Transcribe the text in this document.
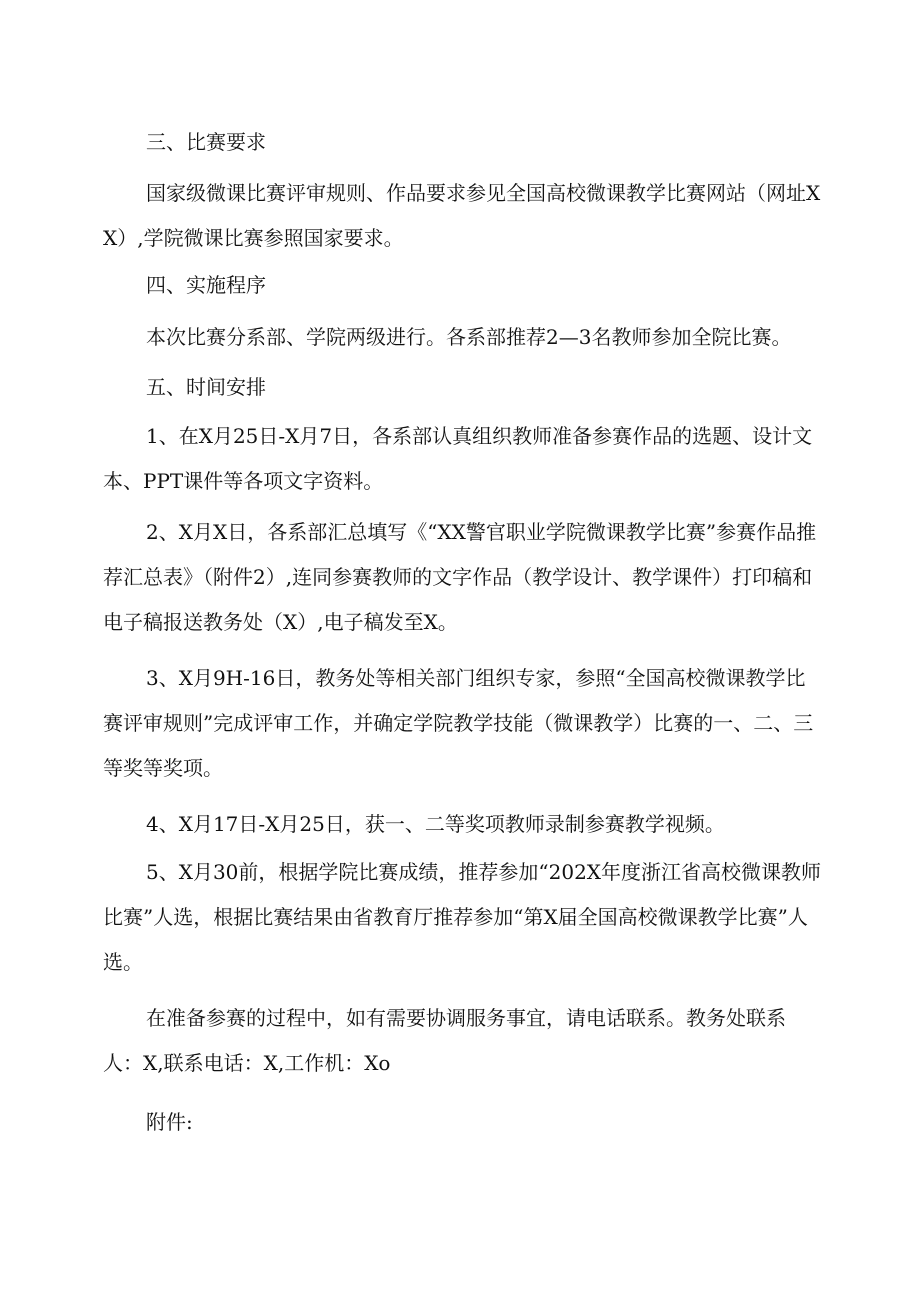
三、比赛要求
国家级微课比赛评审规则、作品要求参见全国高校微课教学比赛网站（网址XX）,学院微课比赛参照国家要求。
四、实施程序
本次比赛分系部、学院两级进行。各系部推荐2—3名教师参加全院比赛。
五、时间安排
1、在X月25日-X月7日，各系部认真组织教师准备参赛作品的选题、设计文本、PPT课件等各项文字资料。
2、X月X日，各系部汇总填写《“XX警官职业学院微课教学比赛”参赛作品推荐汇总表》（附件2）,连同参赛教师的文字作品（教学设计、教学课件）打印稿和电子稿报送教务处（X）,电子稿发至X。
3、X月9H-16日，教务处等相关部门组织专家，参照“全国高校微课教学比赛评审规则”完成评审工作，并确定学院教学技能（微课教学）比赛的一、二、三等奖等奖项。
4、X月17日-X月25日，获一、二等奖项教师录制参赛教学视频。
5、X月30前，根据学院比赛成绩，推荐参加“202X年度浙江省高校微课教师比赛”人选，根据比赛结果由省教育厅推荐参加“第X届全国高校微课教学比赛”人选。
在准备参赛的过程中，如有需要协调服务事宜，请电话联系。教务处联系人：X,联系电话：X,工作机：Xo
附件:
